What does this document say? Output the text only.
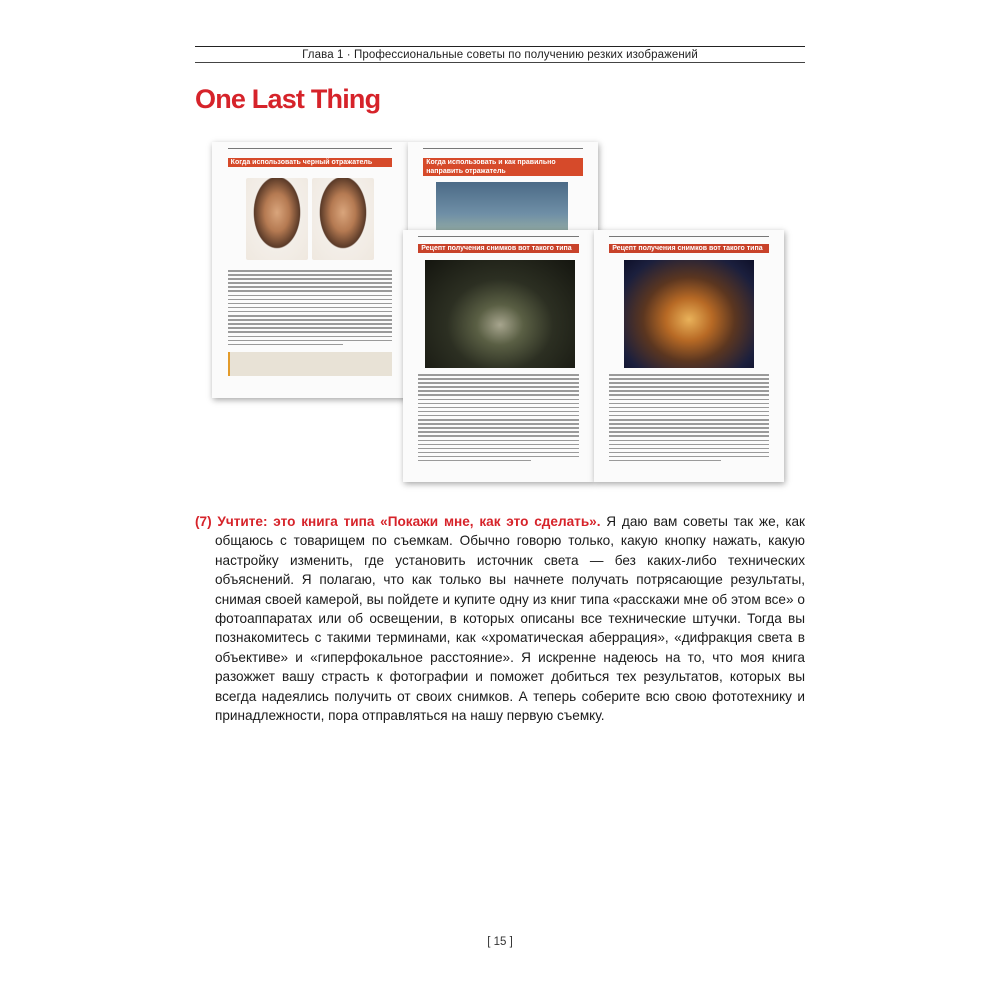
Глава 1 · Профессиональные советы по получению резких изображений
One Last Thing
Когда использовать черный отражатель	Когда использовать и как правильно направить отражатель
Рецепт получения снимков вот такого типа	Рецепт получения снимков вот такого типа
(7) Учтите: это книга типа «Покажи мне, как это сделать». Я даю вам советы так же, как общаюсь с товарищем по съемкам. Обычно говорю только, какую кнопку нажать, какую настройку изменить, где установить источник света — без каких-либо технических объяснений. Я полагаю, что как только вы начнете получать потрясающие результаты, снимая своей камерой, вы пойдете и купите одну из книг типа «расскажи мне об этом все» о фотоаппаратах или об освещении, в которых описаны все технические штучки. Тогда вы познакомитесь с такими терминами, как «хроматическая аберрация», «дифракция света в объективе» и «гиперфокальное расстояние». Я искренне надеюсь на то, что моя книга разожжет вашу страсть к фотографии и поможет добиться тех результатов, которых вы всегда надеялись получить от своих снимков. А теперь соберите всю свою фототехнику и принадлежности, пора отправляться на нашу первую съемку.
[ 15 ]
